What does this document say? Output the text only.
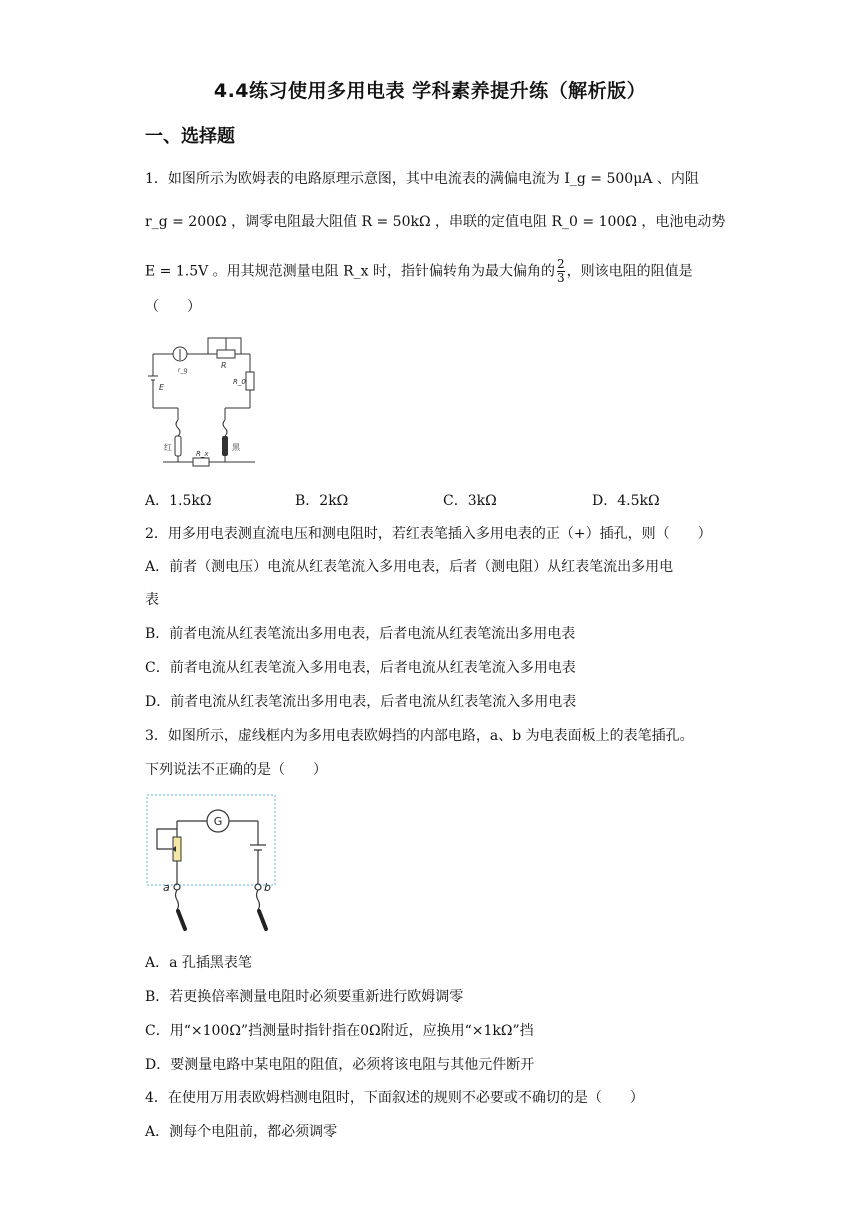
4.4练习使用多用电表 学科素养提升练（解析版）
一、选择题
1．如图所示为欧姆表的电路原理示意图，其中电流表的满偏电流为 I_g = 500μA 、内阻
r_g = 200Ω ，调零电阻最大阻值 R = 50kΩ ，串联的定值电阻 R_0 = 100Ω ，电池电动势
E = 1.5V 。用其规范测量电阻 R_x 时，指针偏转角为最大偏角的 $\frac{2}{3}$ ，则该电阻的阻值是
（　　）
r_g
R
E
R_0
红	黑
R_x
A．1.5kΩ	B．2kΩ	C．3kΩ	D．4.5kΩ
2．用多用电表测直流电压和测电阻时，若红表笔插入多用电表的正（+）插孔，则（　　）
A．前者（测电压）电流从红表笔流入多用电表，后者（测电阻）从红表笔流出多用电
表
B．前者电流从红表笔流出多用电表，后者电流从红表笔流出多用电表
C．前者电流从红表笔流入多用电表，后者电流从红表笔流入多用电表
D．前者电流从红表笔流出多用电表，后者电流从红表笔流入多用电表
3．如图所示，虚线框内为多用电表欧姆挡的内部电路，a、b 为电表面板上的表笔插孔。
下列说法不正确的是（　　）
G
a	b
A．a 孔插黑表笔
B．若更换倍率测量电阻时必须要重新进行欧姆调零
C．用“×100Ω”挡测量时指针指在0Ω附近，应换用“×1kΩ”挡
D．要测量电路中某电阻的阻值，必须将该电阻与其他元件断开
4．在使用万用表欧姆档测电阻时，下面叙述的规则不必要或不确切的是（　　）
A．测每个电阻前，都必须调零
